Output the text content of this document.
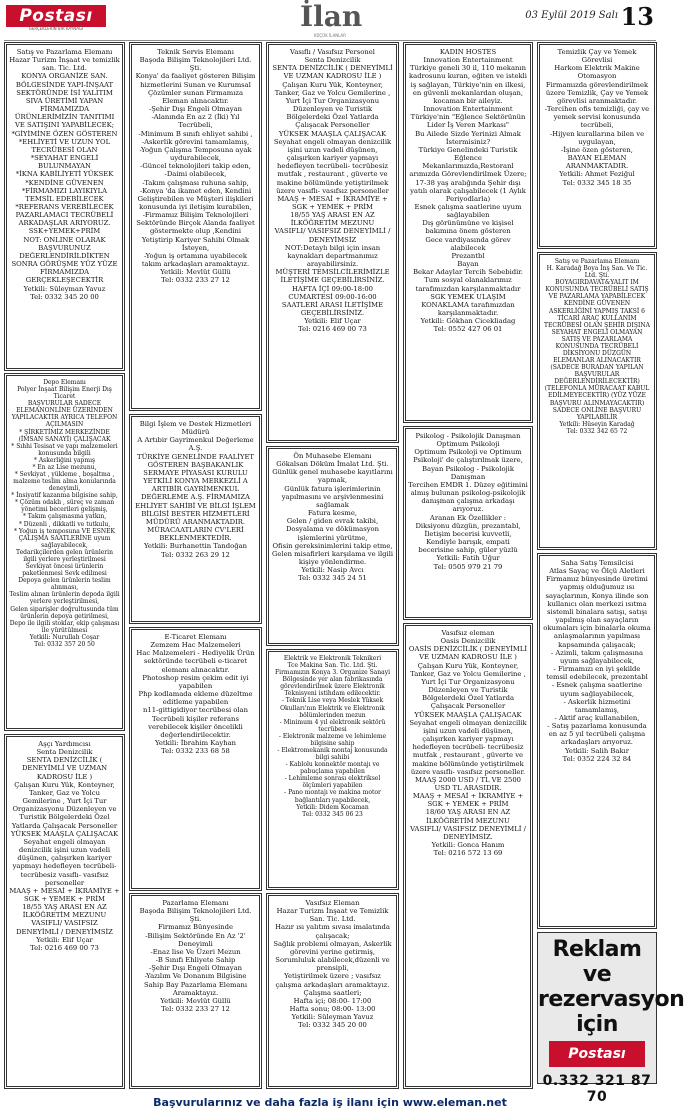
Postası
GERÇEKLERİN BİR KAYNAĞI	İlan
KÜÇÜK İLANLAR
03 Eylül 2019 Salı 13
Satış ve Pazarlama Elemanı
Hazar Turizm İnşaat ve temizlik san. Tic. Ltd.
KONYA ORGANİZE SAN. BÖLGESİNDE YAPI-İNŞAAT SEKTÖRÜNDE İSİ YALITIM SIVA ÜRETİMİ YAPAN FİRMAMIZDA ÜRÜNLERİMİZİN TANITIMI VE SATIŞINI YAPABİLECEK;
*GİYİMİNE ÖZEN GÖSTEREN
*EHLİYETİ VE UZUN YOL TECRÜBESİ OLAN
*SEYAHAT ENGELİ BULUNMAYAN
*İKNA KABİLİYETİ YÜKSEK
*KENDİNE GÜVENEN
*FİRMAMIZI LAYIKIYLA TEMSİL EDEBİLECEK
*REFERANS VEREBİLECEK PAZARLAMACI TECRÜBELİ ARKADAŞLAR ARIYORUZ.
SSK+YEMEK+PRİM
NOT: ONLINE OLARAK BAŞVURUNUZ DEĞERLENDİRİLDİKTEN SONRA GÖRÜŞME YÜZ YÜZE FİRMAMIZDA GERÇEKLEŞECEKTİR
Yetkili: Süleyman Yavuz
Tel: 0332 345 20 00
Depo Elemanı
Polyer İnşaat Bilişim Enerji Dış Ticaret
BAŞVURULAR SADECE ELEMANONLİNE ÜZERİNDEN YAPILACAKTIR AYRICA TELEFON AÇILMASIN
* ŞİRKETİMİZ MERKEZİNDE (İMSAN SANAYİ) ÇALIŞACAK
* Sıhhi Tesisat ve yapı malzemeleri konusunda bilgili
* Askerliğini yapmış
* En az Lise mezunu,
* Sevkiyat , yükleme , boşaltma , malzeme teslim alma konularında deneyimli,
* İnsiyatif kazanma bilgisine sahip,
* Çözüm odaklı , süreç ve zaman yönetimi becerileri gelişmiş,
* Takım çalışmasına yatkın,
* Düzenli , dikkatli ve tutkulu,
* Yoğun iş temposuna VE ESNEK ÇALIŞMA SAATLERİNE uyum sağlayabilecek,
Tedarikçilerden gelen ürünlerin ilgili yerlere yerleştirilmesi
Sevkiyat öncesi ürünlerin paketlenmesi Sevk edilmesi
Depoya gelen ürünlerin teslim alınması,
Teslim alınan ürünlerin depoda ilgili yerlere yerleştirilmesi,
Gelen siparişler doğrultusunda tüm ürünlerin depoya getirilmesi,
Depo ile ilgili stoklar, ekip çalışması ile yürütülmesi
Yetkili: Nurullah Coşar
Tel: 0332 357 20 50
Aşçı Yardımcısı
Senta Denizcilik
SENTA DENİZCİLİK ( DENEYİMLİ VE UZMAN KADROSU İLE )
Çalışan Kuru Yük, Konteyner, Tanker, Gaz ve Yolcu Gemilerine , Yurt İçi Tur Organizasyonu Düzenleyen ve Turistik Bölgelerdeki Özel Yatlarda Çalışacak Personeller
YÜKSEK MAAŞLA ÇALIŞACAK
Seyahat engeli olmayan denizcilik işini uzun vadeli düşünen, çalışırken kariyer yapmayı hedefleyen tecrübeli- tecrübesiz vasıflı- vasıfsız personeller
MAAŞ + MESAİ + İKRAMİYE + SGK + YEMEK + PRİM
18/55 YAŞ ARASI EN AZ İLKÖĞRETİM MEZUNU
VASIFLI/ VASIFSIZ DENEYİMLİ / DENEYİMSİZ
Yetkili: Elif Uçar
Tel: 0216 469 00 73
Teknik Servis Elemanı
Başoda Bilişim Teknolojileri Ltd. Şti.
Konya' da faaliyet gösteren Bilişim hizmetlerini Sunan ve Kurumsal Çözümler sunan Firmamıza Eleman alınacaktır.
-Şehir Dışı Engeli Olmayan
-Alanında En az 2 (İki) Yıl Tecrübeli,
-Minimum B sınıfı ehliyet sahibi ,
-Askerlik görevini tamamlamış,
-Yoğun Çalışma Temposuna ayak uydurabilecek,
-Güncel teknolojileri takip eden,
-Daimi olabilecek,
-Takım çalışması ruhuna sahip,
-Konya 'da ikamet eden, Kendini Geliştirebilen ve Müşteri ilişkileri konusunda iyi iletişim kurabilen,
-Firmamız Bilişim Teknolojileri Sektöründe Birçok Alanda faaliyet göstermekte olup ,Kendini Yetiştirip Kariyer Sahibi Olmak İsteyen,
-Yoğun iş ortamına uyabilecek takım arkadaşları aramaktayız.
Yetkili: Mevlüt Güllü
Tel: 0332 233 27 12
Bilgi İşlem ve Destek Hizmetleri Müdürü
A Artıbir Gayrimenkul Değerleme A.Ş.
TÜRKİYE GENELİNDE FAALİYET GÖSTEREN BAŞBAKANLIK SERMAYE PİYASASI KURULU YETKİLİ KONYA MERKEZLİ A ARTIBİR GAYRİMENKUL DEĞERLEME A.Ş. FİRMAMIZA EHLİYET SAHİBİ VE BİLGİ İŞLEM BİLGİSİ BESTER HİZMETLERİ MÜDÜRÜ ARANMAKTADIR.
MÜRACAATLARIN CV'LERİ BEKLENMEKTEDİR.
Yetkili: Burhanettin Tandoğan
Tel: 0332 263 29 12
E-Ticaret Elemanı
Zemzem Hac Malzemeleri
Hac Malzemeleri - Hediyelik Ürün sektöründe tecrübeli e-ticaret elemanı alınacaktır.
Photoshop resim çekim edit iyi yapabilen
Php kodlamada ekleme düzeltme editleme yapabilen
n11-gittigidiyor tecrübesi olan
Tecrübeli kişiler referans verebilecek kişiler öncelikli değerlendirilecektir.
Yetkili: İbrahim Kayhan
Tel: 0332 233 68 58
Pazarlama Elemanı
Başoda Bilişim Teknolojileri Ltd. Şti.
Firmamız Bünyesinde
-Bilişim Sektöründe En Az '2' Deneyimli
-Enaz lise Ve Üzeri Mezun
-B Sınıfı Ehliyete Sahip
-Şehir Dışı Engeli Olmayan
-Yazılım Ve Donanım Bilgisine Sahip Bay Pazarlama Elemanı Aramaktayız.
Yetkili: Mevlüt Güllü
Tel: 0332 233 27 12
Vasıflı / Vasıfsız Personel
Senta Denizcilik
SENTA DENİZCİLİK ( DENEYİMLİ VE UZMAN KADROSU İLE )
Çalışan Kuru Yük, Konteyner, Tanker, Gaz ve Yolcu Gemilerine , Yurt İçi Tur Organizasyonu Düzenleyen ve Turistik Bölgelerdeki Özel Yatlarda Çalışacak Personeller
YÜKSEK MAAŞLA ÇALIŞACAK
Seyahat engeli olmayan denizcilik işini uzun vadeli düşünen, çalışırken kariyer yapmayı hedefleyen tecrübeli- tecrübesiz mutfak , restaurant , güverte ve makine bölümünde yetiştirilmek üzere vasıflı- vasıfsız personeller
MAAŞ + MESAİ + İKRAMİYE + SGK + YEMEK + PRİM
18/55 YAŞ ARASI EN AZ İLKÖĞRETİM MEZUNU
VASIFLI/ VASIFSIZ DENEYİMLİ / DENEYİMSİZ
NOT:Detaylı bilgi için insan kaynakları departmanımız arayabilirsiniz.
MÜŞTERİ TEMSİLCİLERİMİZLE İLETİŞİME GEÇEBİLİRSİNİZ.
HAFTA İÇİ 09:00-18:00 CUMARTESİ 09:00-16:00 SAATLERİ ARASI İLETİŞİME GEÇEBİLİRSİNİZ.
Yetkili: Elif Uçar
Tel: 0216 469 00 73
Ön Muhasebe Elemanı
Gökalsan Döküm İmalat Ltd. Şti.
Günlük genel muhasebe kayıtlarını yapmak,
Günlük fatura işlerimlerinin yapılmasını ve arşivlenmesini sağlamak
Fatura kesme,
Gelen / giden evrak takibi,
Dosyalama ve dökümasyon işlemlerini yürütme,
Ofisin gereksinimlerini takip etme,
Gelen misafirleri karşılama ve ilgili kişiye yönlendirme.
Yetkili: Nasip Avcı
Tel: 0332 345 24 51
Elektrik ve Elektronik Teknikeri
Tce Makina San. Tic. Ltd. Şti.
Firmamızın Konya 3. Organize Sanayi Bölgesinde yer alan fabrikasında görevlendirilmek üzere Elektronik Teknisyeni istihdam edilecektir.
- Teknik Lise veya Meslek Yüksek Okulları'nın Elektrik ve Elektronik bölümlerinden mezun
- Minimum 4 yıl elektronik sektörü tecrübesi
- Elektronik malzeme ve lehimleme bilgisine sahip
- Elektromekanik montaj konusunda bilgi sahibi
- Kablolu konnektör montajı ve pabuçlama yapabilen
- Lehimleme sonrası elektriksel ölçümleri yapabilen
- Pano montajı ve makina motor bağlantıları yapabilecek,
Yetkili: Didem Kocaman
Tel: 0332 345 06 23
Vasıfsız Eleman
Hazar Turizm İnşaat ve Temizlik San. Tic. Ltd.
Hazır ısı yalıtım sıvası imalatında çalışacak;
Sağlık problemi olmayan, Askerlik görevini yerine getirmiş,
Sorumluluk alabilecek,düzenli ve prensipli,
Yetiştirilmek üzere ; vasıfsız çalışma arkadaşları aramaktayız.
Çalışma saatleri;
Hafta içi; 08:00- 17:00
Hafta sonu; 08:00- 13:00
Yetkili: Süleyman Yavuz
Tel: 0332 345 20 00
KADIN HOSTES
Innovation Entertainment
Türkiye geneli 30 il, 110 mekanın kadrosunu kuran, eğiten ve istekli iş sağlayan, Türkiye'nin en ilkesi, en güvenli mekanlardan oluşan, kocaman bir aileyiz.
Innovation Entertainment Türkiye'nin "Eğlence Sektörünün Lider İş Veren Markası"
Bu Ailede Sizde Yerinizi Almak İstermisiniz?
Türkiye Genelindeki Turistik Eğlence Mekanlarımızda,Restoranl arımızda Görevlendirilmek Üzere;
17-38 yaş aralığında Şehir dışı yatılı olarak çalışabilecek (1 Aylık Periyodlarla)
Esnek çalışma saatlerine uyum sağlayabilen
Dış görünümüne ve kişisel bakımına önem gösteren
Gece vardiyasında görev alabilecek
Prezantbl
Bayan
Bekar Adaylar Tercih Sebebidir.
Tum sosyal olanaklarımız tarafımızdan karşılanmaktadır SGK YEMEK ULAŞIM KONAKLAMA tarafımızdan karşılanmaktadır.
Yetkili: Gökhan Cicekliadag
Tel: 0552 427 06 01
Psikolog - Psikolojik Danışman
Optimum Psikoloji
Optimum Psikoloji ve Optimum Psikoloji' de çalıştırılmak üzere,
Bayan Psikolog - Psikolojik Danışman
Tercihen EMDR 1. Düzey eğitimini almış bulunan psikolog-psikolojik danışman çalışma arkadaşı arıyoruz.
Aranan Ek Özellikler :
Diksiyonu düzgün, prezantabl,
İletişim becerisi kuvvetli,
Kendiyle barışık, empati becerisine sahip, güler yüzlü
Yetkili: Fatih Uğur
Tel: 0505 979 21 79
Vasıfsız eleman
Oasis Denizcilik
OASİS DENİZCİLİK ( DENEYİMLİ VE UZMAN KADROSU İLE )
Çalışan Kuru Yük, Konteyner, Tanker, Gaz ve Yolcu Gemilerine , Yurt İçi Tur Organizasyonu Düzenleyen ve Turistik Bölgelerdeki Özel Yatlarda Çalışacak Personeller
YÜKSEK MAAŞLA ÇALIŞACAK
Seyahat engeli olmayan denizcilik işini uzun vadeli düşünen, çalışırken kariyer yapmayı hedefleyen tecrübeli- tecrübesiz mutfak , restaurant , güverte ve makine bölümünde yetiştirilmek üzere vasıflı- vasıfsız personeller.
MAAŞ 2000 USD / TL VE 2500 USD TL ARASIDIR.
MAAŞ + MESAİ + İKRAMİYE + SGK + YEMEK + PRİM
18/60 YAŞ ARASI EN AZ İLKÖĞRETİM MEZUNU
VASIFLI/ VASIFSIZ DENEYİMLİ / DENEYİMSİZ.
Yetkili: Gonca Hanım
Tel: 0216 572 13 69
Temizlik Çay ve Yemek Görevlisi
Harkom Elektrik Makine Otomasyon
Firmamızda görevlendirilmek üzere Temizlik, Çay ve Yemek görevlisi aranmaktadır.
-Tercihen ofis temizliği, çay ve yemek servisi konusunda tecrübeli,
-Hijyen kurallarına bilen ve uygulayan,
-İşine özen gösteren,
BAYAN ELEMAN ARANMAKTADIR.
Yetkili: Ahmet Feziğul
Tel: 0332 345 18 35
Satış ve Pazarlama Elemanı
H. Karadağ Boya İnş San. Ve Tic. Ltd. Şti.
BOYAGIRDAVAT&YALIT IM KONUSUNDA TECRÜBELİ SATIŞ VE PAZARLAMA YAPABİLECEK KENDİNE GÜVENEN ASKERLİĞİNİ YAPMIŞ TAKSİ 6 TİCARİ ARAÇ KULLANIM TECRÜBESİ OLAN ŞEHİR DIŞINA SEYAHAT ENGELİ OLMAYAN SATIŞ VE PAZARLAMA KONUSUNDA TECRÜBELİ DİKSİYONU DÜZGÜN ELEMANLAR ALINACAKTIR (SADECE BURADAN YAPILAN BAŞVURULAR DEĞERLENDİRİLECEKTİR) (TELEFONLA MÜRACAAT KABUL EDİLMEYECEKTİR) (YÜZ YÜZE BAŞVURU ALINMAYACAKTIR) SADECE ONLİNE BAŞVURU YAPILABİLİR
Yetkili: Hüseyin Karadağ
Tel: 0332 342 65 72
Saha Satış Temsilcisi
Atlas Sayaç ve Ölçü Aletleri
Firmamız bünyesinde üretimi yapmış olduğumuz ısı sayaçlarının, Konya ilinde son kullanıcı olan merkezi ısıtma sistemli binalara satışı, satışı yapılmış olan sayaçların okumaları için binalarla okuma anlaşmalarının yapılması kapsamında çalışacak;
- Azimli, takım çalışmasına uyum sağlayabilecek,
- Firmamızı en iyi şekilde temsil edebilecek, prezentabl
- Esnek çalışma saatlerine uyum sağlayabilecek,
- Askerlik hizmetini tamamlamış,
- Aktif araç kullanabilen,
- Satış pazarlama konusunda en az 5 yıl tecrübeli çalışma arkadaşları arıyoruz.
Yetkili: Salih Bakır
Tel: 0352 224 32 84
Reklam
ve
rezervasyon
için
Postası
0.332 321 87 70
Başvurularınız ve daha fazla iş ilanı için www.eleman.net
